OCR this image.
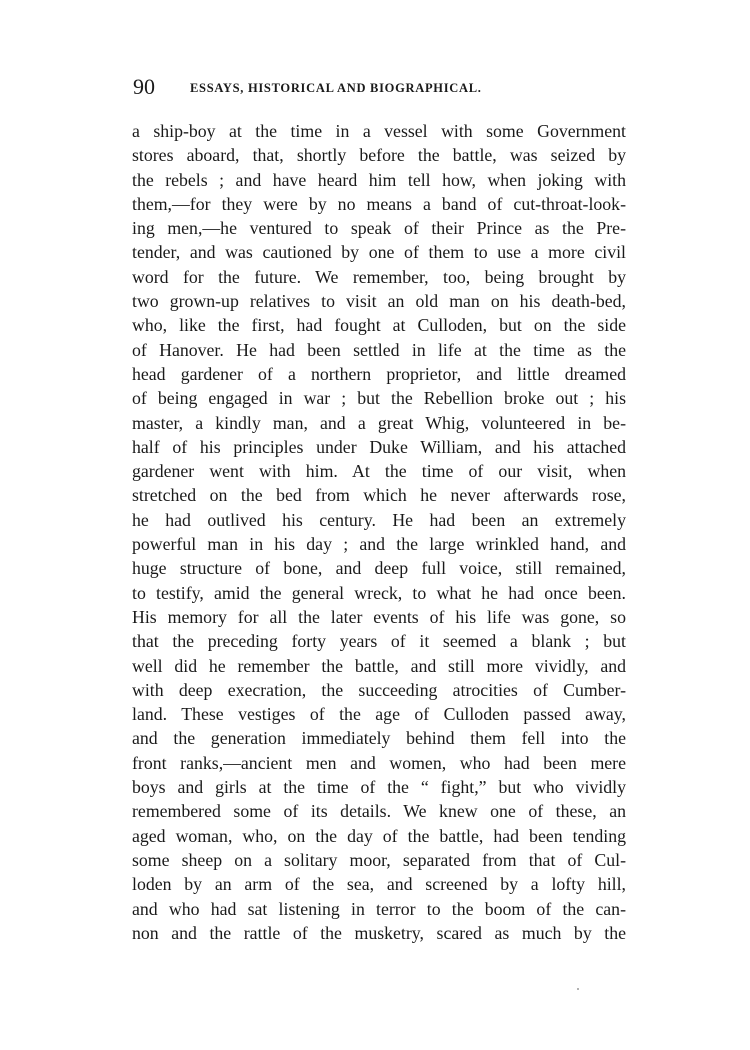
90	ESSAYS, HISTORICAL AND BIOGRAPHICAL.
a ship-boy at the time in a vessel with some Government
stores aboard, that, shortly before the battle, was seized by
the rebels ; and have heard him tell how, when joking with
them,—for they were by no means a band of cut-throat-look-
ing men,—he ventured to speak of their Prince as the Pre-
tender, and was cautioned by one of them to use a more civil
word for the future. We remember, too, being brought by
two grown-up relatives to visit an old man on his death-bed,
who, like the first, had fought at Culloden, but on the side
of Hanover. He had been settled in life at the time as the
head gardener of a northern proprietor, and little dreamed
of being engaged in war ; but the Rebellion broke out ; his
master, a kindly man, and a great Whig, volunteered in be-
half of his principles under Duke William, and his attached
gardener went with him. At the time of our visit, when
stretched on the bed from which he never afterwards rose,
he had outlived his century. He had been an extremely
powerful man in his day ; and the large wrinkled hand, and
huge structure of bone, and deep full voice, still remained,
to testify, amid the general wreck, to what he had once been.
His memory for all the later events of his life was gone, so
that the preceding forty years of it seemed a blank ; but
well did he remember the battle, and still more vividly, and
with deep execration, the succeeding atrocities of Cumber-
land. These vestiges of the age of Culloden passed away,
and the generation immediately behind them fell into the
front ranks,—ancient men and women, who had been mere
boys and girls at the time of the “ fight,” but who vividly
remembered some of its details. We knew one of these, an
aged woman, who, on the day of the battle, had been tending
some sheep on a solitary moor, separated from that of Cul-
loden by an arm of the sea, and screened by a lofty hill,
and who had sat listening in terror to the boom of the can-
non and the rattle of the musketry, scared as much by the
